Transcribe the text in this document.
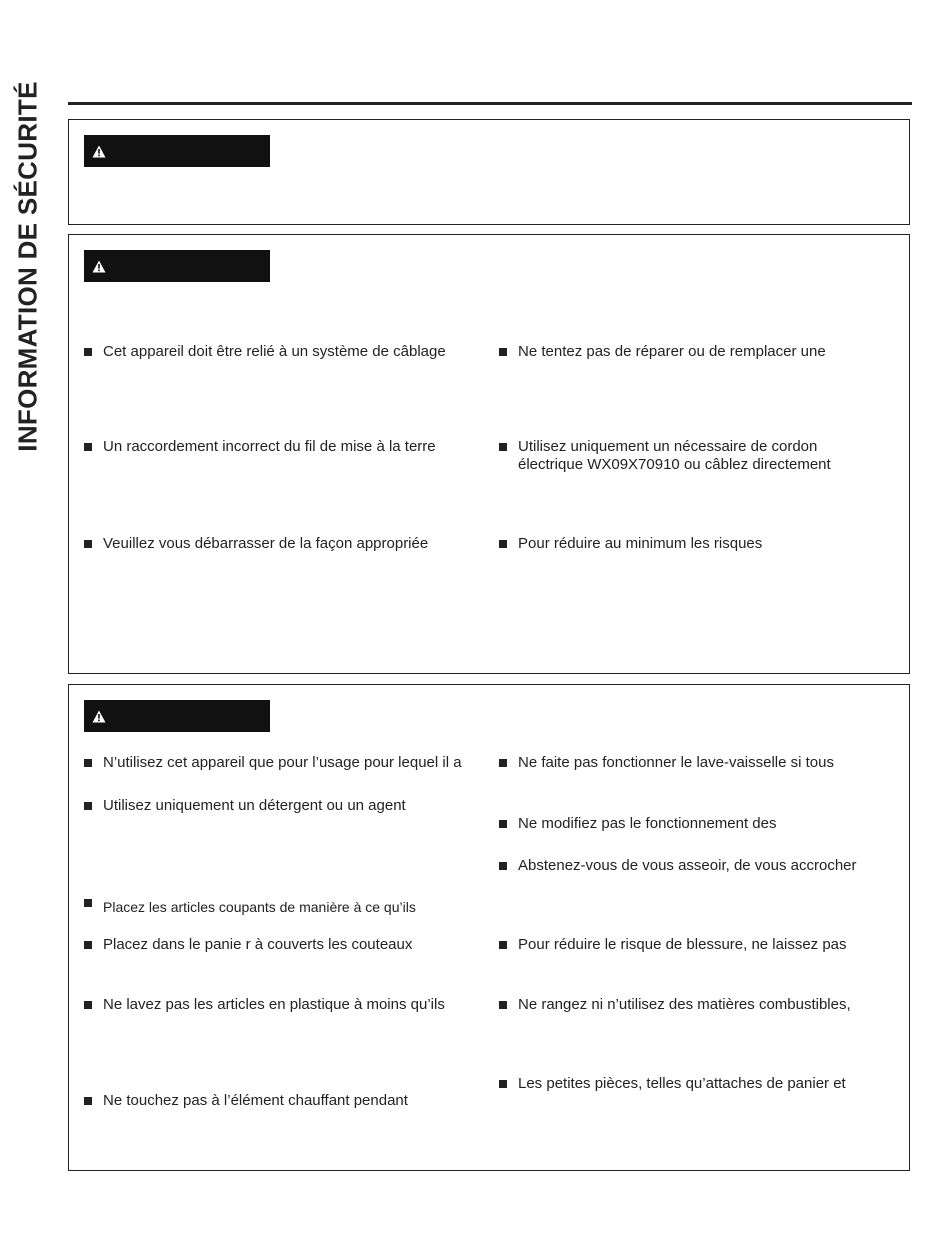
INFORMATION DE SÉCURITÉ	Cet appareil doit être relié à un système de câblage	Ne tentez pas de réparer ou de remplacer une
Un raccordement incorrect du fil de mise à la terre	Utilisez uniquement un nécessaire de cordon
électrique WX09X70910 ou câblez directement
Veuillez vous débarrasser de la façon appropriée	Pour réduire au minimum les risques
N’utilisez cet appareil que pour l’usage pour lequel il a	Ne faite pas fonctionner le lave-vaisselle si tous
Utilisez uniquement un détergent ou un agent
Ne modifiez pas le fonctionnement des
Abstenez-vous de vous asseoir, de vous accrocher
Placez les articles coupants de manière à ce qu’ils
Placez dans le panie r à couverts les couteaux	Pour réduire le risque de blessure, ne laissez pas
Ne lavez pas les articles en plastique à moins qu’ils	Ne rangez ni n’utilisez des matières combustibles,
Les petites pièces, telles qu’attaches de panier et
Ne touchez pas à l’élément chauffant pendant
